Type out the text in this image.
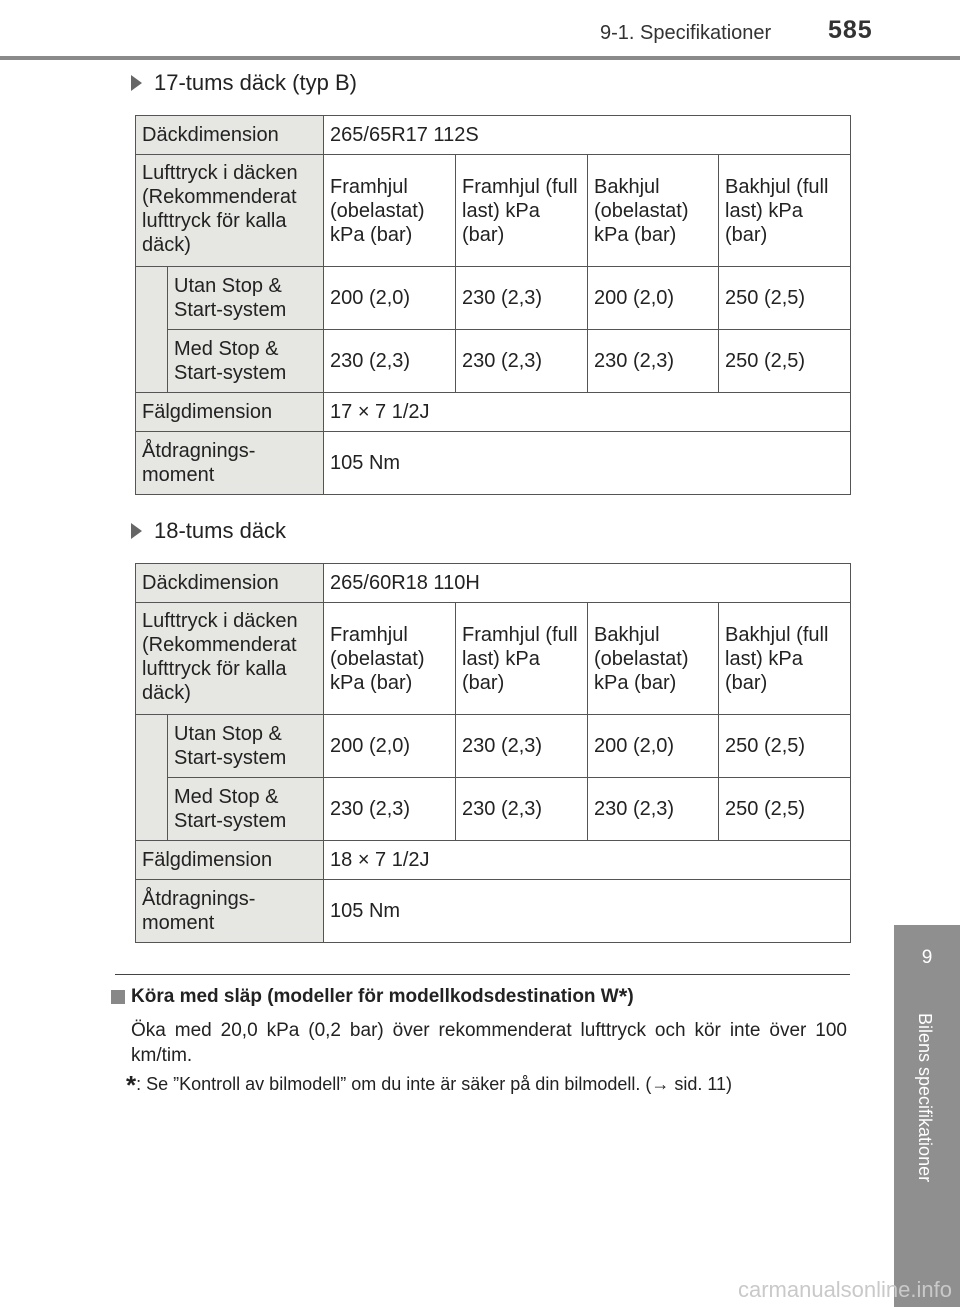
9-1. Specifikationer	585
17-tums däck (typ B)
Däckdimension		265/65R17 112S			
Lufttryck i däcken (Rekommenderat lufttryck för kalla däck)		Framhjul (obelastat) kPa (bar)	Framhjul (full last) kPa (bar)	Bakhjul (obelastat) kPa (bar)	Bakhjul (full last) kPa (bar)
	Utan Stop & Start-system	200 (2,0)	230 (2,3)	200 (2,0)	250 (2,5)
	Med Stop & Start-system	230 (2,3)	230 (2,3)	230 (2,3)	250 (2,5)
Fälgdimension		17 × 7 1/2J			
Åtdragnings- moment		105 Nm			
18-tums däck
Däckdimension		265/60R18 110H			
Lufttryck i däcken (Rekommenderat lufttryck för kalla däck)		Framhjul (obelastat) kPa (bar)	Framhjul (full last) kPa (bar)	Bakhjul (obelastat) kPa (bar)	Bakhjul (full last) kPa (bar)
	Utan Stop & Start-system	200 (2,0)	230 (2,3)	200 (2,0)	250 (2,5)
	Med Stop & Start-system	230 (2,3)	230 (2,3)	230 (2,3)	250 (2,5)
Fälgdimension		18 × 7 1/2J			
Åtdragnings- moment		105 Nm			
Köra med släp (modeller för modellkodsdestination W * )
Öka med 20,0 kPa (0,2 bar) över rekommenderat lufttryck och kör inte över 100 km/tim.
*: Se ”Kontroll av bilmodell” om du inte är säker på din bilmodell. (→ sid. 11)
9
Bilens specifikationer
carmanualsonline.info
